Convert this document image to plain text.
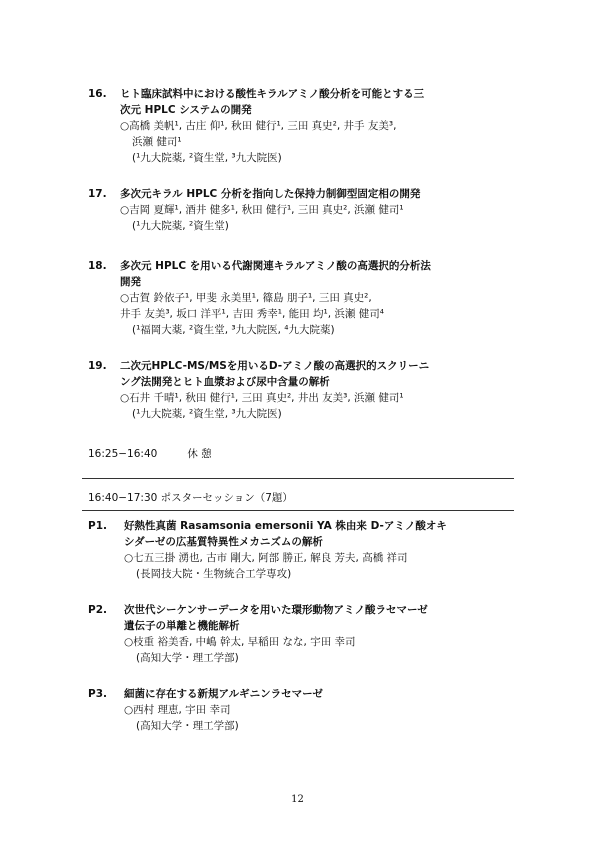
16.	ヒト臨床試料中における酸性キラルアミノ酸分析を可能とする三
次元 HPLC システムの開発
○高橋 美帆¹, 古庄 仰¹, 秋田 健行¹, 三田 真史², 井手 友美³,
浜瀬 健司¹
(¹九大院薬, ²資生堂, ³九大院医)
17.	多次元キラル HPLC 分析を指向した保持力制御型固定相の開発
○吉岡 夏輝¹, 酒井 健多¹, 秋田 健行¹, 三田 真史², 浜瀬 健司¹
(¹九大院薬, ²資生堂)
18.	多次元 HPLC を用いる代謝関連キラルアミノ酸の高選択的分析法
開発
○古賀 鈴依子¹, 甲斐 永美里¹, 篠島 朋子¹, 三田 真史²,
井手 友美³, 坂口 洋平¹, 吉田 秀幸¹, 能田 均¹, 浜瀬 健司⁴
(¹福岡大薬, ²資生堂, ³九大院医, ⁴九大院薬)
19.	二次元HPLC-MS/MSを用いるD-アミノ酸の高選択的スクリーニ
ング法開発とヒト血漿および尿中含量の解析
○石井 千晴¹, 秋田 健行¹, 三田 真史², 井出 友美³, 浜瀬 健司¹
(¹九大院薬, ²資生堂, ³九大院医)
16:25−16:40	休 憩
16:40−17:30 ポスターセッション（7題）
P1.	好熱性真菌 Rasamsonia emersonii YA 株由来 D-アミノ酸オキ
シダーゼの広基質特異性メカニズムの解析
○七五三掛 湧也, 古市 剛大, 阿部 勝正, 解良 芳夫, 高橋 祥司
(長岡技大院・生物統合工学専攻)
P2.	次世代シーケンサーデータを用いた環形動物アミノ酸ラセマーゼ
遺伝子の単離と機能解析
○枝重 裕美香, 中嶋 幹太, 早稲田 なな, 宇田 幸司
(高知大学・理工学部)
P3.	細菌に存在する新規アルギニンラセマーゼ
○西村 理恵, 宇田 幸司
(高知大学・理工学部)
12
